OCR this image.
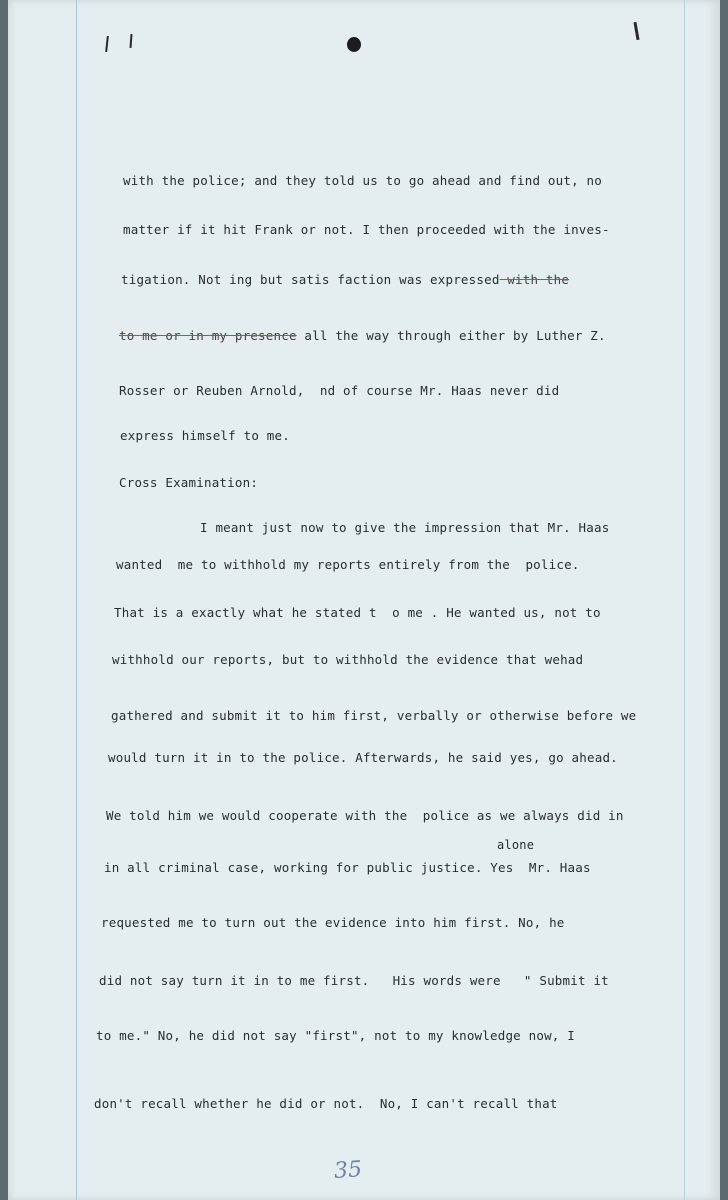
with the police; and they told us to go ahead and find out, no
matter if it hit Frank or not. I then proceeded with the inves-
tigation. Not ing but satis faction was expressed with the
to me or in my presence all the way through either by Luther Z.
Rosser or Reuben Arnold,  nd of course Mr. Haas never did
express himself to me.
Cross Examination:
I meant just now to give the impression that Mr. Haas
wanted  me to withhold my reports entirely from the  police.
That is a exactly what he stated t  o me . He wanted us, not to
withhold our reports, but to withhold the evidence that wehad
gathered and submit it to him first, verbally or otherwise before we
would turn it in to the police. Afterwards, he said yes, go ahead.
We told him we would cooperate with the  police as we always did in
alone
in all criminal case, working for public justice. Yes  Mr. Haas
requested me to turn out the evidence into him first. No, he
did not say turn it in to me first.   His words were   " Submit it
to me." No, he did not say "first", not to my knowledge now, I
don't recall whether he did or not.  No, I can't recall that
35
